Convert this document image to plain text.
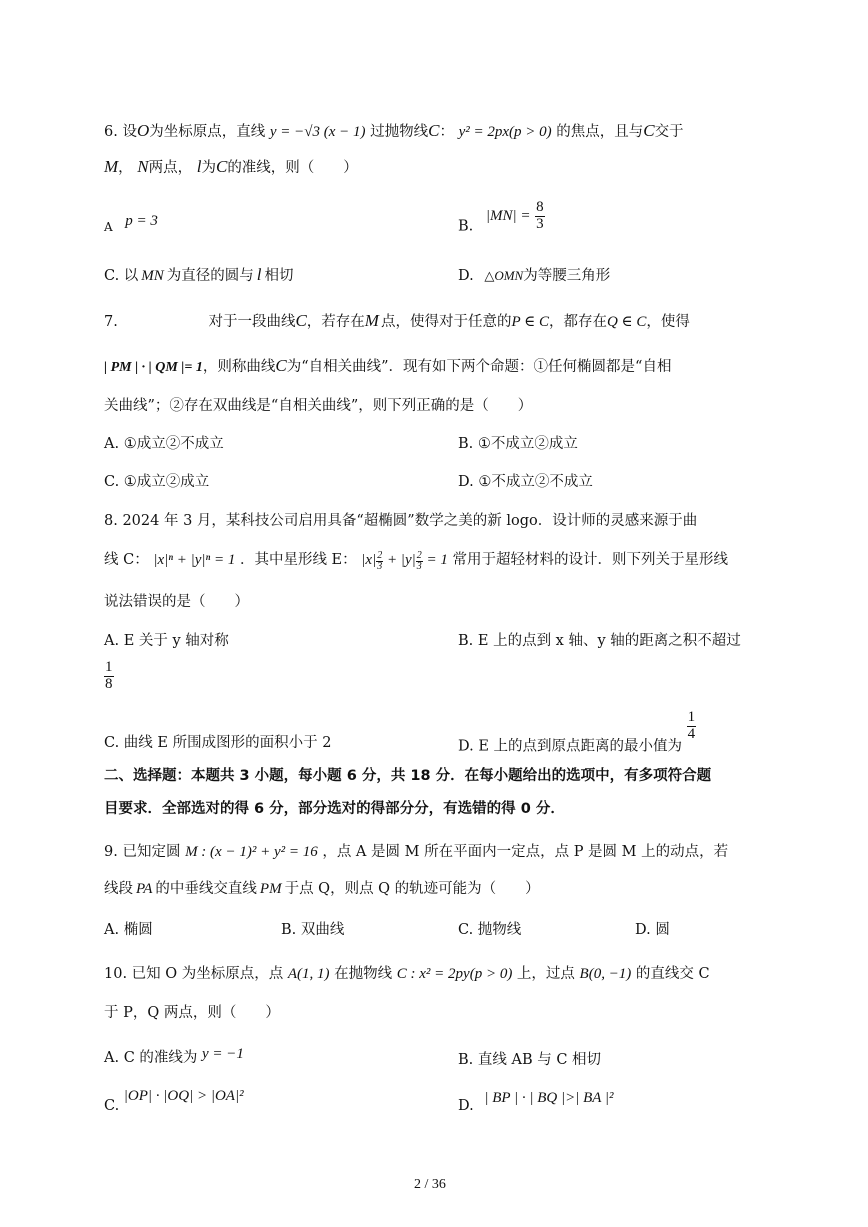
6. 设O为坐标原点，直线 y = −√3 (x − 1) 过抛物线C： y² = 2px(p > 0) 的焦点，且与C交于
M， N两点， l为C的准线，则（　　）
$_A$ p = 3	B. $|MN| = \frac{8}{3}$
C. 以 MN 为直径的圆与 l 相切	D. △OMN为等腰三角形
7.	对于一段曲线C，若存在M 点，使得对于任意的P ∈ C，都存在Q ∈ C，使得
| PM | · | QM |= 1，则称曲线C为“自相关曲线”．现有如下两个命题：①任何椭圆都是“自相
关曲线”；②存在双曲线是“自相关曲线”，则下列正确的是（　　）
A. ①成立②不成立	B. ①不成立②成立
C. ①成立②成立	D. ①不成立②不成立
8. 2024 年 3 月，某科技公司启用具备“超椭圆”数学之美的新 logo．设计师的灵感来源于曲
线 C： |x|ⁿ + |y|ⁿ = 1 ．其中星形线 E： $|x| \frac{2}{3} + |y| \frac{2}{3} = 1$ 常用于超轻材料的设计．则下列关于星形线
说法错误的是（　　）
A. E 关于 y 轴对称	B. E 上的点到 x 轴、y 轴的距离之积不超过
$\frac{1}{8}$
C. 曲线 E 所围成图形的面积小于 2	D. E 上的点到原点距离的最小值为
$\frac{1}{4}$
二、选择题：本题共 3 小题，每小题 6 分，共 18 分．在每小题给出的选项中，有多项符合题
目要求．全部选对的得 6 分，部分选对的得部分分，有选错的得 0 分．
9. 已知定圆 M : (x − 1)² + y² = 16 ，点 A 是圆 M 所在平面内一定点，点 P 是圆 M 上的动点，若
线段 PA 的中垂线交直线 PM 于点 Q，则点 Q 的轨迹可能为（　　）
A. 椭圆	B. 双曲线	C. 抛物线	D. 圆
10. 已知 O 为坐标原点，点 A(1, 1) 在抛物线 C : x² = 2py(p > 0) 上，过点 B(0, −1) 的直线交 C
于 P，Q 两点，则（　　）
A. C 的准线为 y = −1	B. 直线 AB 与 C 相切
C. |OP| · |OQ| > |OA|²
D. | BP | · | BQ |>| BA |²
2 / 36
